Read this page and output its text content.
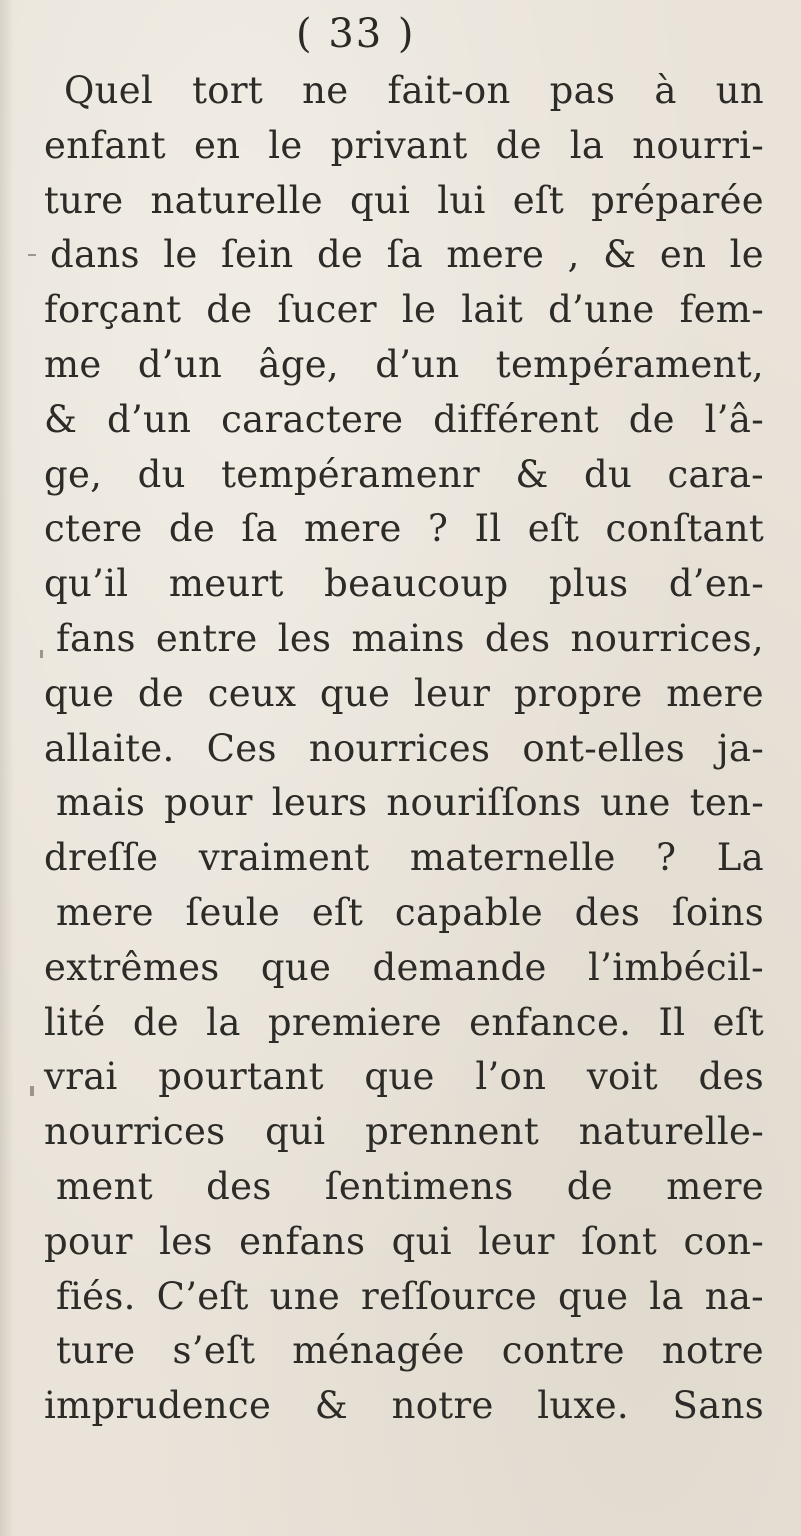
( 33 )
Quel tort ne fait-on pas à un
enfant en le privant de la nourri-
ture naturelle qui lui eſt préparée
dans le ſein de ſa mere , & en le
forçant de ſucer le lait d’une fem-
me d’un âge, d’un tempérament,
& d’un caractere différent de l’â-
ge, du tempéramenr & du cara-
ctere de ſa mere ? Il eſt conſtant
qu’il meurt beaucoup plus d’en-
fans entre les mains des nourrices,
que de ceux que leur propre mere
allaite. Ces nourrices ont-elles ja-
mais pour leurs nouriſſons une ten-
dreſſe vraiment maternelle ? La
mere ſeule eſt capable des ſoins
extrêmes que demande l’imbécil-
lité de la premiere enfance. Il eſt
vrai pourtant que l’on voit des
nourrices qui prennent naturelle-
ment des ſentimens de mere
pour les enfans qui leur ſont con-
fiés. C’eſt une reſſource que la na-
ture s’eſt ménagée contre notre
imprudence & notre luxe. Sans
